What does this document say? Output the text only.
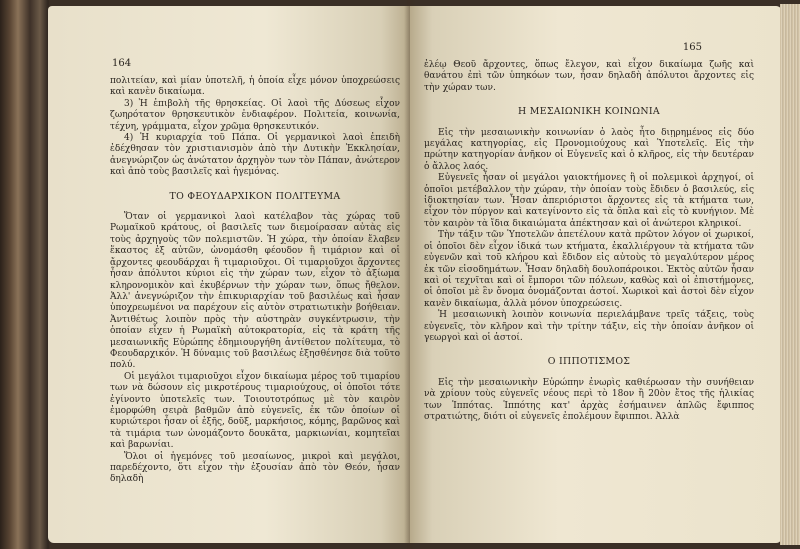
164

πολιτείαν, καὶ μίαν ὑποτελῆ, ἡ ὁποία εἶχε μόνον ὑποχρεώσεις καὶ κανὲν δικαίωμα.

3) Ἡ ἐπιβολὴ τῆς θρησκείας. Οἱ λαοὶ τῆς Δύσεως εἶχον ζωηρότατον θρησκευτικὸν ἐνδιαφέρον. Πολιτεία, κοινωνία, τέχνη, γράμματα, εἶχον χρῶμα θρησκευτικόν.

4) Ἡ κυριαρχία τοῦ Πάπα. Οἱ γερμανικοὶ λαοὶ ἐπειδὴ ἐδέχθησαν τὸν χριστιανισμὸν ἀπὸ τὴν Δυτικὴν Ἐκκλησίαν, ἀνεγνώριζον ὡς ἀνώτατον ἀρχηγὸν των τὸν Πάπαν, ἀνώτερον καὶ ἀπὸ τοὺς βασιλεῖς καὶ ἡγεμόνας.

ΤΟ ΦΕΟΥΔΑΡΧΙΚΟΝ ΠΟΛΙΤΕΥΜΑ

Ὅταν οἱ γερμανικοὶ λαοὶ κατέλαβον τὰς χώρας τοῦ Ρωμαϊκοῦ κράτους, οἱ βασιλεῖς των διεμοίρασαν αὐτὰς εἰς τοὺς ἀρχηγοὺς τῶν πολεμιστῶν. Ἡ χώρα, τὴν ὁποίαν ἔλαβεν ἕκαστος ἐξ αὐτῶν, ὠνομάσθη φέουδον ἢ τιμάριον καὶ οἱ ἄρχοντες φεουδάρχαι ἢ τιμαριοῦχοι. Οἱ τιμαριοῦχοι ἄρχοντες ἦσαν ἀπόλυτοι κύριοι εἰς τὴν χώραν των, εἶχον τὸ ἀξίωμα κληρονομικὸν καὶ ἐκυβέρνων τὴν χώραν των, ὅπως ἤθελον. Ἀλλ' ἀνεγνώριζον τὴν ἐπικυριαρχίαν τοῦ βασιλέως καὶ ἦσαν ὑποχρεωμένοι να παρέχουν εἰς αὐτὸν στρατιωτικὴν βοήθειαν. Ἀντιθέτως λοιπὸν πρὸς τὴν αὐστηρὰν συγκέντρωσιν, τὴν ὁποίαν εἶχεν ἡ Ρωμαϊκὴ αὐτοκρατορία, εἰς τὰ κράτη τῆς μεσαιωνικῆς Εὐρώπης ἐδημιουργήθη ἀντίθετον πολίτευμα, τὸ Φεουδαρχικόν. Ἡ δύναμις τοῦ βασιλέως ἐξησθένησε διὰ τοῦτο πολύ.

Οἱ μεγάλοι τιμαριοῦχοι εἶχον δικαίωμα μέρος τοῦ τιμαρίου των νὰ δώσουν εἰς μικροτέρους τιμαριούχους, οἱ ὁποῖοι τότε ἐγίνοντο ὑποτελεῖς των. Τοιουτοτρόπως μὲ τὸν καιρὸν ἐμορφώθη σειρὰ βαθμῶν ἀπὸ εὐγενεῖς, ἐκ τῶν ὁποίων οἱ κυριώτεροι ἦσαν οἱ ἑξῆς, δοῦξ, μαρκήσιος, κόμης, βαρῶνος καὶ τὰ τιμάρια των ὠνομάζοντο δουκᾶτα, μαρκιωνίαι, κομητεῖαι καὶ βαρωνίαι.

Ὅλοι οἱ ἡγεμόνες τοῦ μεσαίωνος, μικροὶ καὶ μεγάλοι, παρεδέχοντο, ὅτι εἶχον τὴν ἐξουσίαν ἀπὸ τὸν Θεόν, ἦσαν δηλαδὴ

165

ἐλέῳ Θεοῦ ἄρχοντες, ὅπως ἔλεγον, καὶ εἶχον δικαίωμα ζωῆς καὶ θανάτου ἐπὶ τῶν ὑπηκόων των, ἦσαν δηλαδὴ ἀπόλυτοι ἄρχοντες εἰς τὴν χώραν των.

Η ΜΕΣΑΙΩΝΙΚΗ ΚΟΙΝΩΝΙΑ

Εἰς τὴν μεσαιωνικὴν κοινωνίαν ὁ λαὸς ἦτο διῃρημένος εἰς δύο μεγάλας κατηγορίας, εἰς Προνομιούχους καὶ Ὑποτελεῖς. Εἰς τὴν πρώτην κατηγορίαν ἀνῆκον οἱ Εὐγενεῖς καὶ ὁ κλῆρος, εἰς τὴν δευτέραν ὁ ἄλλος λαός.

Εὐγενεῖς ἦσαν οἱ μεγάλοι γαιοκτήμονες ἢ οἱ πολεμικοὶ ἀρχηγοί, οἱ ὁποῖοι μετέβαλλον τὴν χώραν, τὴν ὁποίαν τοὺς ἔδιδεν ὁ βασιλεύς, εἰς ἰδιοκτησίαν των. Ἦσαν ἀπεριόριστοι ἄρχοντες εἰς τὰ κτήματα των, εἶχον τὸν πύργον καὶ κατεγίνοντο εἰς τὰ ὅπλα καὶ εἰς τὸ κυνήγιον. Μὲ τὸν καιρὸν τὰ ἴδια δικαιώματα ἀπέκτησαν καὶ οἱ ἀνώτεροι κληρικοί.

Τὴν τάξιν τῶν Ὑποτελῶν ἀπετέλουν κατὰ πρῶτον λόγον οἱ χωρικοί, οἱ ὁποῖοι δὲν εἶχον ἰδικά των κτήματα, ἐκαλλιέργουν τὰ κτήματα τῶν εὐγενῶν καὶ τοῦ κλήρου καὶ ἔδιδον εἰς αὐτοὺς τὸ μεγαλύτερον μέρος ἐκ τῶν εἰσοδημάτων. Ἦσαν δηλαδὴ δουλοπάροικοι. Ἐκτὸς αὐτῶν ἦσαν καὶ οἱ τεχνῖται καὶ οἱ ἔμποροι τῶν πόλεων, καθὼς καὶ οἱ ἐπιστήμονες, οἱ ὁποῖοι μὲ ἓν ὄνομα ὀνομάζονται ἀστοί. Χωρικοὶ καὶ ἀστοὶ δὲν εἶχον κανὲν δικαίωμα, ἀλλὰ μόνον ὑποχρεώσεις.

Ἡ μεσαιωνικὴ λοιπὸν κοινωνία περιελάμβανε τρεῖς τάξεις, τοὺς εὐγενεῖς, τὸν κλῆρον καὶ τὴν τρίτην τάξιν, εἰς τὴν ὁποίαν ἀνῆκον οἱ γεωργοὶ καὶ οἱ ἀστοί.

Ο ΙΠΠΟΤΙΣΜΟΣ

Εἰς τὴν μεσαιωνικὴν Εὐρώπην ἐνωρὶς καθιέρωσαν τὴν συνήθειαν νὰ χρίουν τοὺς εὐγενεῖς νέους περὶ τὸ 18ον ἢ 20ὸν ἔτος τῆς ἡλικίας των Ἱππότας. Ἱππότης κατ' ἀρχὰς ἐσήμαινεν ἁπλῶς ἔφιππος στρατιώτης, διότι οἱ εὐγενεῖς ἐπολέμουν ἔφιπποι. Ἀλλὰ
